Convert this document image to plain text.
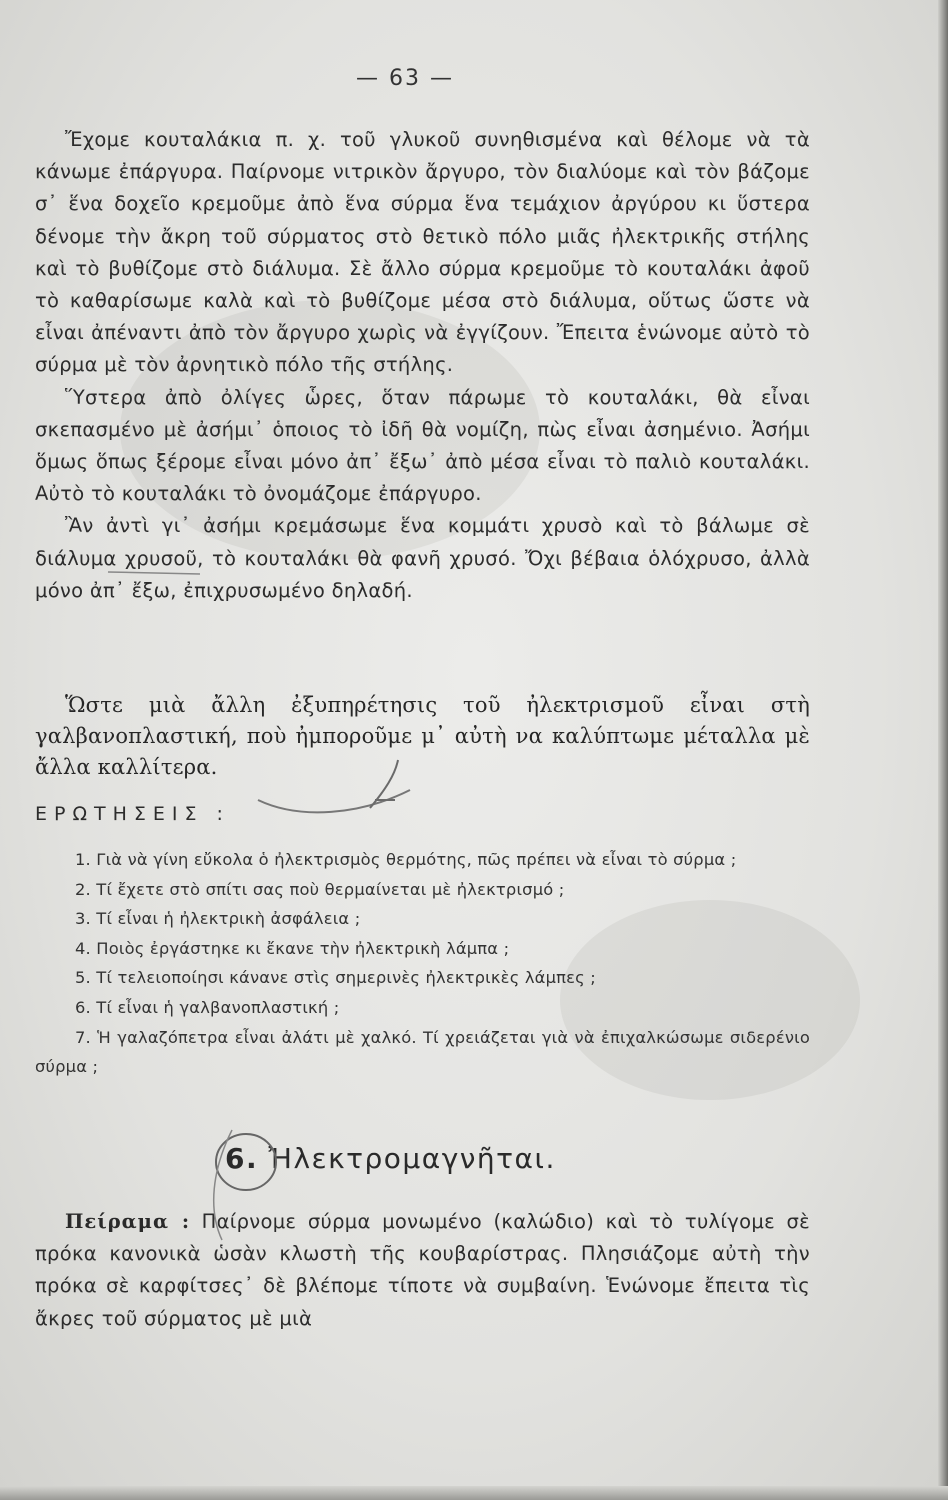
— 63 —

Ἔχομε κουταλάκια π. χ. τοῦ γλυκοῦ συνηθισμένα καὶ θέλομε νὰ τὰ κάνωμε ἐπάργυρα. Παίρνομε νιτρικὸν ἄργυρο, τὸν διαλύομε καὶ τὸν βάζομε σ᾽ ἕνα δοχεῖο κρεμοῦμε ἀπὸ ἕνα σύρμα ἕνα τεμάχιον ἀργύρου κι ὕστερα δένομε τὴν ἄκρη τοῦ σύρματος στὸ θετικὸ πόλο μιᾶς ἠλεκτρικῆς στήλης καὶ τὸ βυθίζομε στὸ διάλυμα. Σὲ ἄλλο σύρμα κρεμοῦμε τὸ κουταλάκι ἀφοῦ τὸ καθαρίσωμε καλὰ καὶ τὸ βυθίζομε μέσα στὸ διάλυμα, οὕτως ὥστε νὰ εἶναι ἀπέναντι ἀπὸ τὸν ἄργυρο χωρὶς νὰ ἐγγίζουν. Ἔπειτα ἑνώνομε αὐτὸ τὸ σύρμα μὲ τὸν ἀρνητικὸ πόλο τῆς στήλης.

Ὕστερα ἀπὸ ὀλίγες ὧρες, ὅταν πάρωμε τὸ κουταλάκι, θὰ εἶναι σκεπασμένο μὲ ἀσήμι᾽ ὁποιος τὸ ἰδῆ θὰ νομίζη, πὼς εἶναι ἀσημένιο. Ἀσήμι ὅμως ὅπως ξέρομε εἶναι μόνο ἀπ᾽ ἔξω᾽ ἀπὸ μέσα εἶναι τὸ παλιὸ κουταλάκι. Αὐτὸ τὸ κουταλάκι τὸ ὀνομάζομε ἐπάργυρο.

Ἂν ἀντὶ γι᾽ ἀσήμι κρεμάσωμε ἕνα κομμάτι χρυσὸ καὶ τὸ βάλωμε σὲ διάλυμα χρυσοῦ, τὸ κουταλάκι θὰ φανῆ χρυσό. Ὄχι βέβαια ὁλόχρυσο, ἀλλὰ μόνο ἀπ᾽ ἔξω, ἐπιχρυσωμένο δηλαδή.

Ὥστε μιὰ ἄλλη ἐξυπηρέτησις τοῦ ἠλεκτρισμοῦ εἶναι στὴ γαλβανοπλαστική, ποὺ ἠμποροῦμε μ᾽ αὐτὴ να καλύπτωμε μέταλλα μὲ ἄλλα καλλίτερα.

ΕΡΩΤΗΣΕΙΣ :

1. Γιὰ νὰ γίνη εὔκολα ὁ ἠλεκτρισμὸς θερμότης, πῶς πρέπει νὰ εἶναι τὸ σύρμα ;

2. Τί ἔχετε στὸ σπίτι σας ποὺ θερμαίνεται μὲ ἠλεκτρισμό ;

3. Τί εἶναι ἡ ἠλεκτρικὴ ἀσφάλεια ;

4. Ποιὸς ἐργάστηκε κι ἔκανε τὴν ἠλεκτρικὴ λάμπα ;

5. Τί τελειοποίησι κάνανε στὶς σημερινὲς ἠλεκτρικὲς λάμπες ;

6. Τί εἶναι ἡ γαλβανοπλαστική ;

7. Ἡ γαλαζόπετρα εἶναι ἀλάτι μὲ χαλκό. Τί χρειάζεται γιὰ νὰ ἐπιχαλκώσωμε σιδερένιο σύρμα ;

6. Ἠλεκτρομαγνῆται.

Πείραμα : Παίρνομε σύρμα μονωμένο (καλώδιο) καὶ τὸ τυλίγομε σὲ πρόκα κανονικὰ ὡσὰν κλωστὴ τῆς κουβαρίστρας. Πλησιάζομε αὐτὴ τὴν πρόκα σὲ καρφίτσες᾽ δὲ βλέπομε τίποτε νὰ συμβαίνη. Ἑνώνομε ἔπειτα τὶς ἄκρες τοῦ σύρματος μὲ μιὰ
